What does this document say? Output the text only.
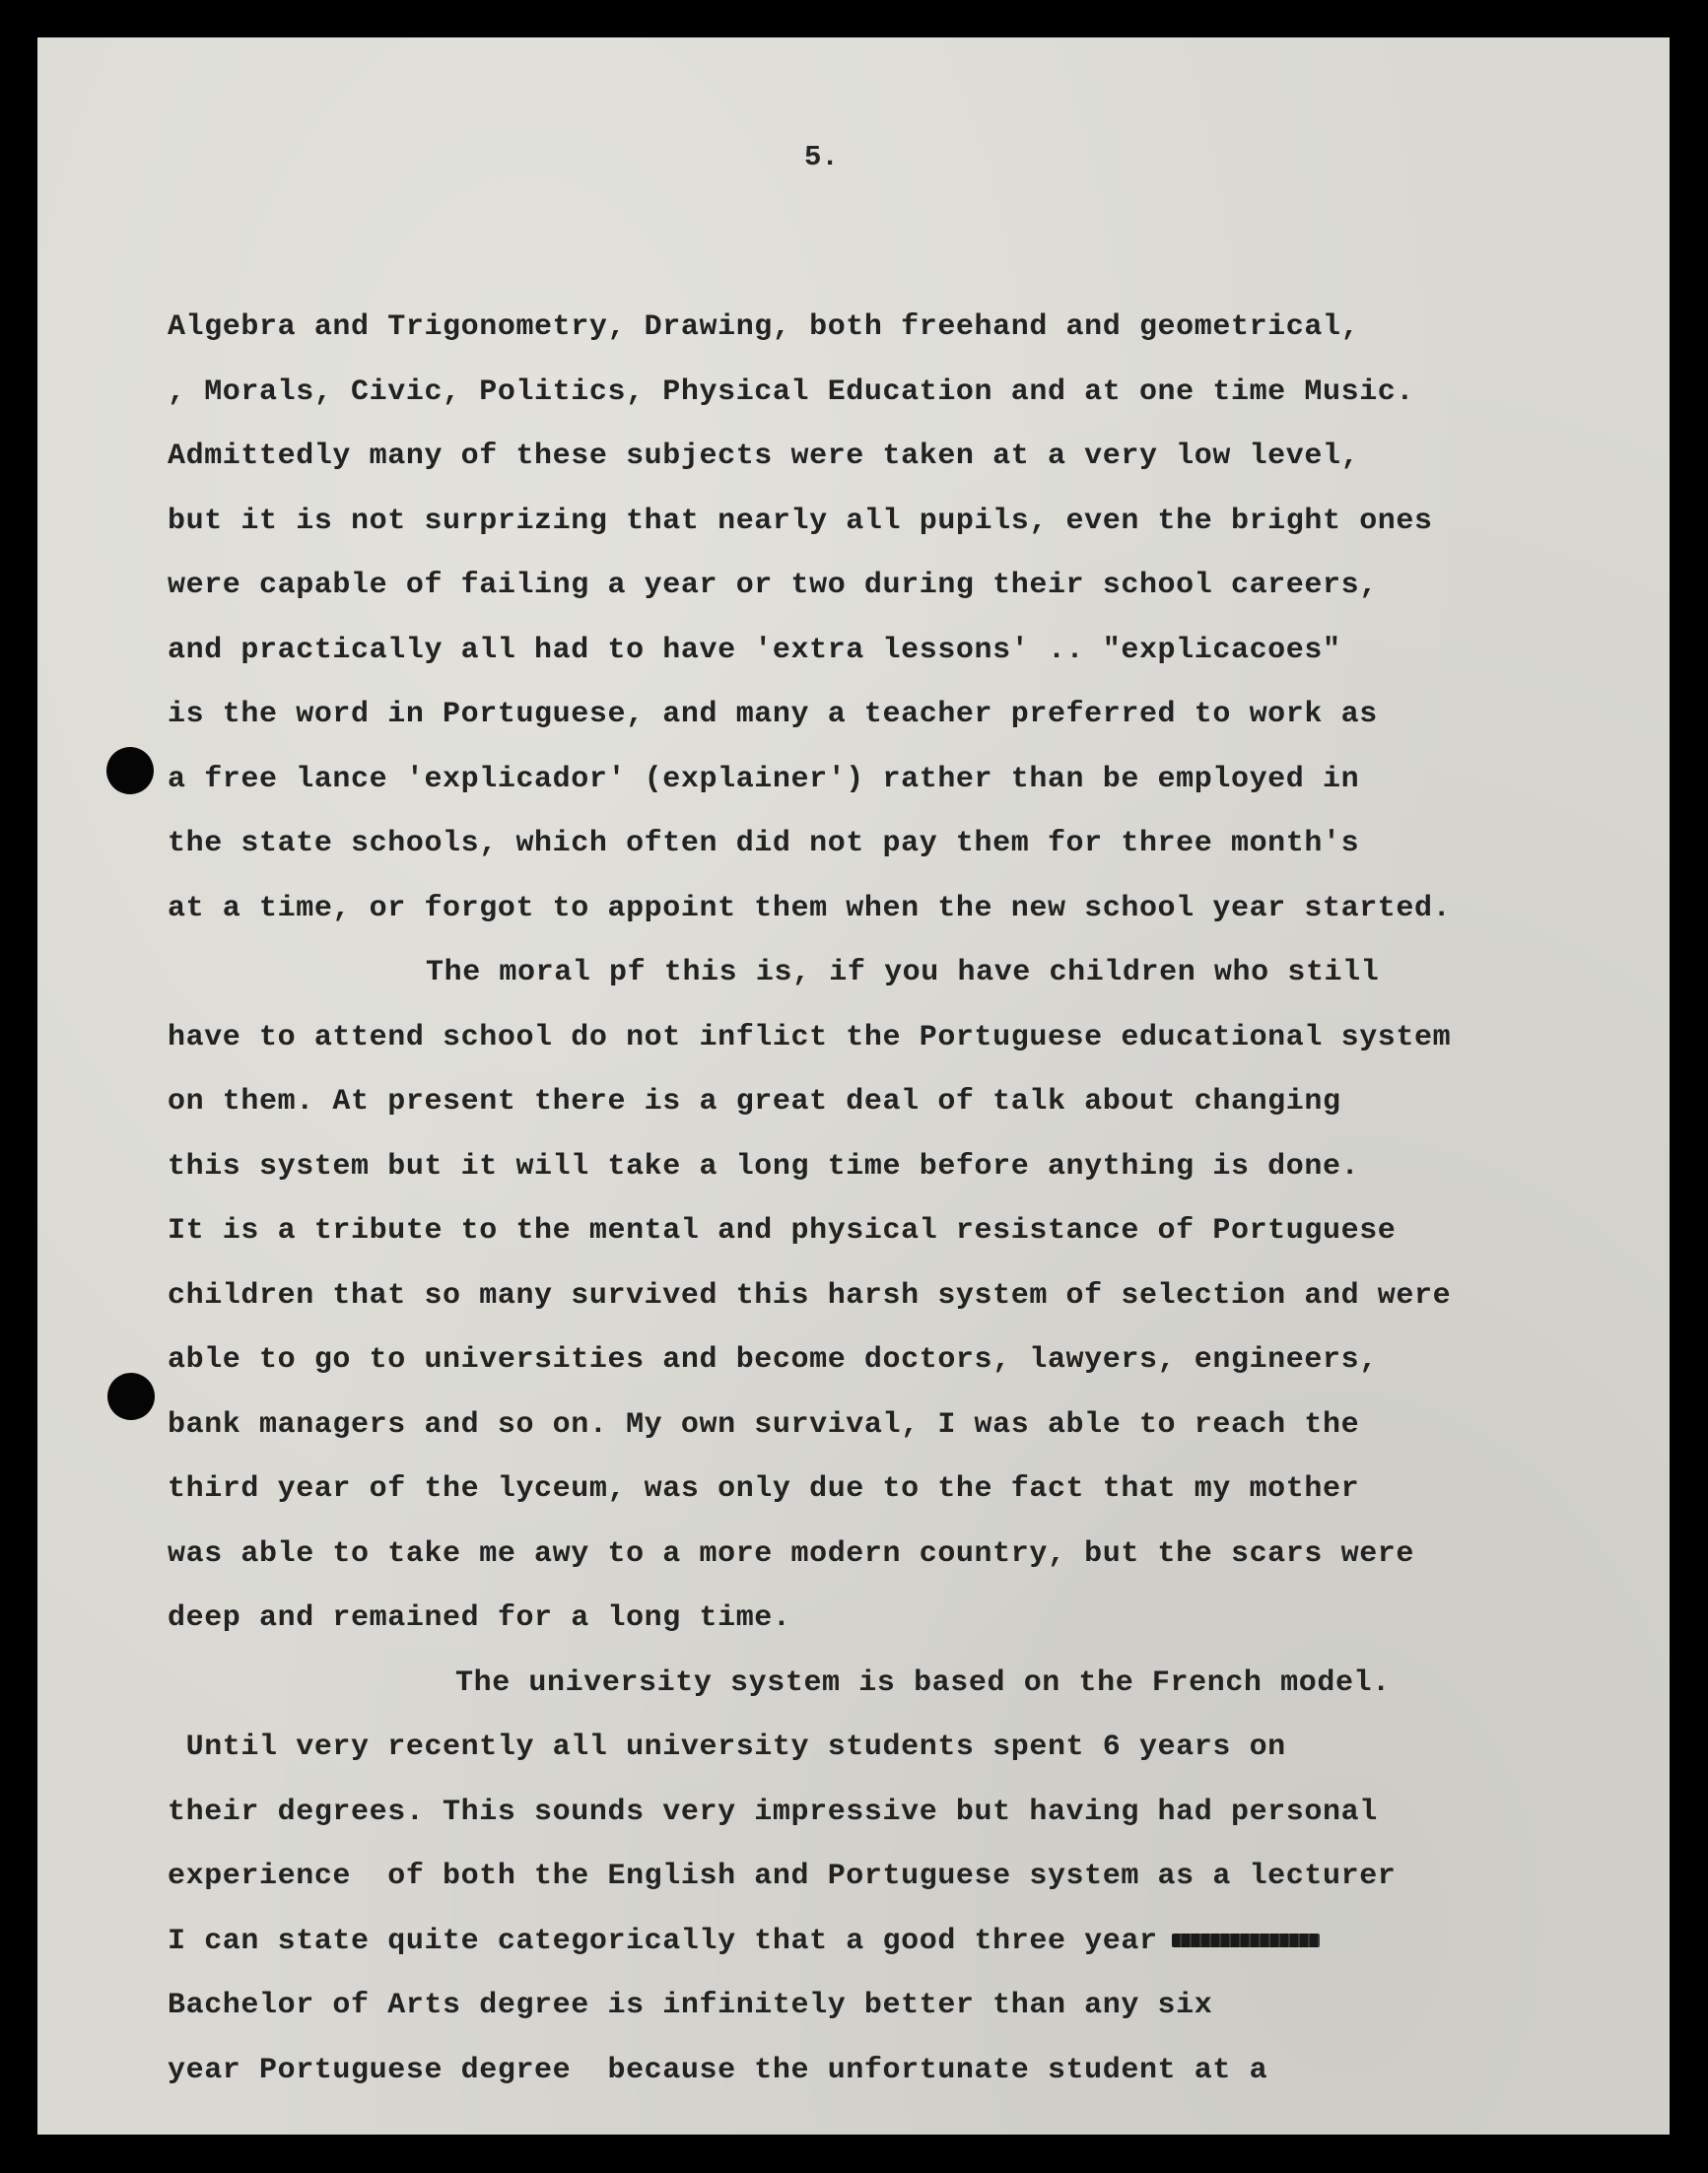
5.
Algebra and Trigonometry, Drawing, both freehand and geometrical,
, Morals, Civic, Politics, Physical Education and at one time Music.
Admittedly many of these subjects were taken at a very low level,
but it is not surprizing that nearly all pupils, even the bright ones
were capable of failing a year or two during their school careers,
and practically all had to have 'extra lessons' .. "explicacoes"
is the word in Portuguese, and many a teacher preferred to work as
a free lance 'explicador' (explainer') rather than be employed in
the state schools, which often did not pay them for three month's
at a time, or forgot to appoint them when the new school year started.
The moral pf this is, if you have children who still
have to attend school do not inflict the Portuguese educational system
on them. At present there is a great deal of talk about changing
this system but it will take a long time before anything is done.
It is a tribute to the mental and physical resistance of Portuguese
children that so many survived this harsh system of selection and were
able to go to universities and become doctors, lawyers, engineers,
bank managers and so on. My own survival, I was able to reach the
third year of the lyceum, was only due to the fact that my mother
was able to take me awy to a more modern country, but the scars were
deep and remained for a long time.
The university system is based on the French model.
Until very recently all university students spent 6 years on
their degrees. This sounds very impressive but having had personal
experience  of both the English and Portuguese system as a lecturer
I can state quite categorically that a good three year
Bachelor of Arts degree is infinitely better than any six
year Portuguese degree  because the unfortunate student at a
